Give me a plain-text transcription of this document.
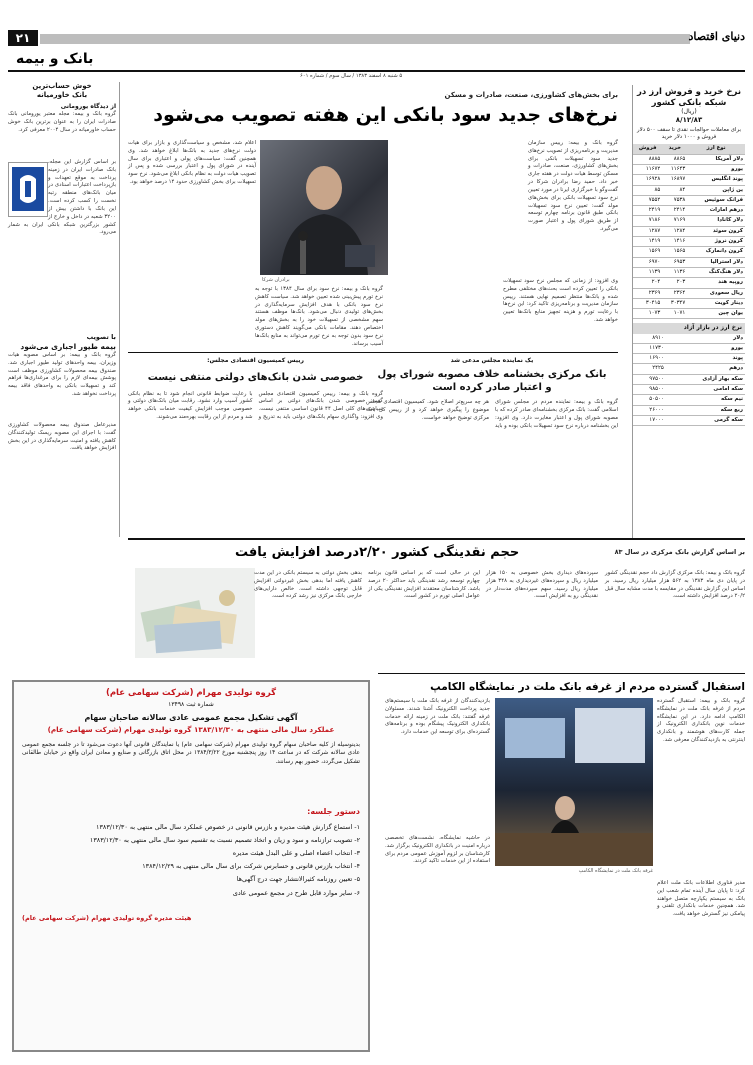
۲۱	دنیای اقتصاد
بانک و بیمه
۵ شنبه ۸ اسفند ۱۳۸۳ / سال سوم / شماره ۶۰۱
نرخ خرید و فروش ارز در شبکه بانکی کشور
(ریال)
۸/۱۲/۸۳
برای معاملات حوالجات نقدی تا سقف ۵۰۰ دلار فروش و ۱۰۰۰ دلار خرید
نوع ارز	خرید	فروش
دلار آمریکا	۸۸۶۵	۸۸۸۵
یورو	۱۱۶۴۳	۱۱۶۷۲
پوند انگلیس	۱۶۸۹۷	۱۶۹۲۸
ین ژاپن	۸۴	۸۵
فرانک سوئیس	۷۵۳۸	۷۵۵۲
درهم امارات	۲۴۱۴	۲۴۱۹
دلار کانادا	۷۱۶۹	۷۱۸۶
کرون سوئد	۱۲۸۴	۱۲۸۷
کرون نروژ	۱۴۱۶	۱۴۱۹
کرون دانمارک	۱۵۶۵	۱۵۶۹
دلار استرالیا	۶۹۵۳	۶۹۷۰
دلار هنگ‌کنگ	۱۱۳۶	۱۱۳۹
روپیه هند	۲۰۳	۲۰۴
ریال سعودی	۲۳۶۴	۲۳۶۹
دینار کویت	۳۰۳۴۷	۳۰۴۱۵
یوان چین	۱۰۷۱	۱۰۷۳
نرخ ارز در بازار آزاد
دلار	۸۹۱۰
یورو	۱۱۷۳۰
پوند	۱۶۹۰۰
درهم	۲۴۲۵
سکه بهار آزادی	۹۷۵۰۰
سکه امامی	۹۸۵۰۰
نیم سکه	۵۰۵۰۰
ربع سکه	۲۶۰۰۰
سکه گرمی	۱۷۰۰۰
برای بخش‌های کشاورزی، صنعت، صادرات و مسکن
نرخ‌های جدید سود بانکی این هفته تصویب می‌شود
گروه بانک و بیمه: رییس سازمان مدیریت و برنامه‌ریزی از تصویب نرخ‌های جدید سود تسهیلات بانکی برای بخش‌های کشاورزی، صنعت، صادرات و مسکن توسط هیات دولت در هفته جاری خبر داد. حمید رضا برادران شرکا در گفت‌وگو با خبرگزاری ایرنا در مورد تعیین نرخ سود تسهیلات بانکی برای بخش‌های مولد گفت: تعیین نرخ سود تسهیلات بانکی طبق قانون برنامه چهارم توسعه از طریق شورای پول و اعتبار صورت می‌گیرد.
برادران شرکا	وی افزود: از زمانی که مجلس نرخ سود تسهیلات بانکی را تعیین کرده است بحث‌های مختلفی مطرح شده و بانک‌ها منتظر تصمیم نهایی هستند. رییس سازمان مدیریت و برنامه‌ریزی تاکید کرد: این نرخ‌ها با رعایت تورم و هزینه تجهیز منابع بانک‌ها تعیین خواهد شد.
اعلام شد، مشخص و سیاست‌گذاری و بازار برای هیات دولت نرخ‌های جدید به بانک‌ها ابلاغ خواهد شد. وی همچنین گفت: سیاست‌های پولی و اعتباری برای سال آینده در شورای پول و اعتبار بررسی شده و پس از تصویب هیات دولت به نظام بانکی ابلاغ می‌شود. نرخ سود تسهیلات برای بخش کشاورزی حدود ۱۴ درصد خواهد بود.
گروه بانک و بیمه: نرخ سود برای سال ۱۳۸۴ با توجه به نرخ تورم پیش‌بینی شده تعیین خواهد شد. سیاست کاهش نرخ سود بانکی با هدف افزایش سرمایه‌گذاری در بخش‌های تولیدی دنبال می‌شود. بانک‌ها موظف هستند سهم مشخصی از تسهیلات خود را به بخش‌های مولد اختصاص دهند. مقامات بانکی می‌گویند کاهش دستوری نرخ سود بدون توجه به نرخ تورم می‌تواند به منابع بانک‌ها آسیب برساند.
خوش حساب‌ترین
بانک خاورمیانه
از دیدگاه یورومانی
گروه بانک و بیمه: مجله معتبر یورومانی بانک صادرات ایران را به عنوان برترین بانک خوش حساب خاورمیانه در سال ۲۰۰۴ معرفی کرد.
بر اساس گزارش این مجله، بانک صادرات ایران در زمینه پرداخت به موقع تعهدات و بازپرداخت اعتبارات اسنادی در میان بانک‌های منطقه رتبه نخست را کسب کرده است. این بانک با داشتن بیش از ۳۲۰۰ شعبه در داخل و خارج از کشور بزرگترین شبکه بانکی ایران به شمار می‌رود.
با تصویب
بیمه طیور اجباری می‌شود
گروه بانک و بیمه: بر اساس مصوبه هیات وزیران، بیمه واحدهای تولید طیور اجباری شد. صندوق بیمه محصولات کشاورزی موظف است پوشش بیمه‌ای لازم را برای مرغداری‌ها فراهم کند و تسهیلات بانکی به واحدهای فاقد بیمه پرداخت نخواهد شد.
مدیرعامل صندوق بیمه محصولات کشاورزی گفت: با اجرای این مصوبه ریسک تولیدکنندگان کاهش یافته و امنیت سرمایه‌گذاری در این بخش افزایش خواهد یافت.
یک نماینده مجلس مدعی شد
بانک مرکزی بخشنامه خلاف مصوبه شورای پول و اعتبار صادر کرده است
گروه بانک و بیمه: نماینده مردم در مجلس شورای اسلامی گفت: بانک مرکزی بخشنامه‌ای صادر کرده که با مصوبه شورای پول و اعتبار مغایرت دارد. وی افزود: این بخشنامه درباره نرخ سود تسهیلات بانکی بوده و باید هر چه سریع‌تر اصلاح شود. کمیسیون اقتصادی مجلس موضوع را پیگیری خواهد کرد و از رییس کل بانک مرکزی توضیح خواهد خواست.
رییس کمیسیون اقتصادی مجلس:
خصوصی شدن بانک‌های دولتی منتفی نیست
گروه بانک و بیمه: رییس کمیسیون اقتصادی مجلس گفت: خصوصی شدن بانک‌های دولتی بر اساس سیاست‌های کلی اصل ۴۴ قانون اساسی منتفی نیست. وی افزود: واگذاری سهام بانک‌های دولتی باید به تدریج و با رعایت ضوابط قانونی انجام شود تا به نظام بانکی کشور آسیب وارد نشود. رقابت میان بانک‌های دولتی و خصوصی موجب افزایش کیفیت خدمات بانکی خواهد شد و مردم از این رقابت بهره‌مند می‌شوند.
بر اساس گزارش بانک مرکزی در سال ۸۳
حجم نقدینگی کشور ۲/۲۰درصد افزایش یافت
گروه بانک و بیمه: بانک مرکزی گزارش داد حجم نقدینگی کشور در پایان دی ماه ۱۳۸۳ به ۵۶۲ هزار میلیارد ریال رسید. بر اساس این گزارش نقدینگی در مقایسه با مدت مشابه سال قبل ۲۰/۲ درصد افزایش داشته است.
سپرده‌های دیداری بخش خصوصی به ۱۵۰ هزار میلیارد ریال و سپرده‌های غیردیداری به ۳۴۸ هزار میلیارد ریال رسید. سهم سپرده‌های مدت‌دار در نقدینگی رو به افزایش است.
این در حالی است که بر اساس قانون برنامه چهارم توسعه رشد نقدینگی باید حداکثر ۲۰ درصد باشد. کارشناسان معتقدند افزایش نقدینگی یکی از عوامل اصلی تورم در کشور است.
بدهی بخش دولتی به سیستم بانکی در این مدت کاهش یافته اما بدهی بخش غیردولتی افزایش قابل توجهی داشته است. خالص دارایی‌های خارجی بانک مرکزی نیز رشد کرده است.
استقبال گسترده مردم از غرفه بانک ملت در نمایشگاه الکامپ
گروه بانک و بیمه: استقبال گسترده مردم از غرفه بانک ملت در نمایشگاه الکامپ ادامه دارد. در این نمایشگاه خدمات نوین بانکداری الکترونیک از جمله کارت‌های هوشمند و بانکداری اینترنتی به بازدیدکنندگان معرفی شد.
غرفه بانک ملت در نمایشگاه الکامپ
بازدیدکنندگان از غرفه بانک ملت با سیستم‌های جدید پرداخت الکترونیک آشنا شدند. مسئولان غرفه گفتند: بانک ملت در زمینه ارائه خدمات بانکداری الکترونیک پیشگام بوده و برنامه‌های گسترده‌ای برای توسعه این خدمات دارد.
مدیر فناوری اطلاعات بانک ملت اعلام کرد: تا پایان سال آینده تمام شعب این بانک به سیستم یکپارچه متصل خواهند شد. همچنین خدمات بانکداری تلفنی و پیامکی نیز گسترش خواهد یافت.
در حاشیه نمایشگاه، نشست‌های تخصصی درباره امنیت در بانکداری الکترونیک برگزار شد. کارشناسان بر لزوم آموزش عمومی مردم برای استفاده از این خدمات تاکید کردند.
گروه تولیدی مهرام (شرکت سهامی عام)
شماره ثبت ۱۳۴۹۸
آگهی تشکیل مجمع عمومی عادی سالانه صاحبان سهام
عملکرد سال مالی منتهی به ۱۳۸۳/۱۲/۳۰ گروه تولیدی مهرام (شرکت سهامی عام)
بدینوسیله از کلیه صاحبان سهام گروه تولیدی مهرام (شرکت سهامی عام) یا نمایندگان قانونی آنها دعوت می‌شود تا در جلسه مجمع عمومی عادی سالانه شرکت که در ساعت ۱۴ روز پنجشنبه مورخ ۱۳۸۴/۳/۲۲ در محل اتاق بازرگانی و صنایع و معادن ایران واقع در خیابان طالقانی تشکیل می‌گردد، حضور بهم رسانند.
دستور جلسه:
۱- استماع گزارش هیئت مدیره و بازرس قانونی در خصوص عملکرد سال مالی منتهی به ۱۳۸۳/۱۲/۳۰
۲- تصویب ترازنامه و سود و زیان و اتخاذ تصمیم نسبت به تقسیم سود سال مالی منتهی به ۱۳۸۳/۱۲/۳۰
۳- انتخاب اعضاء اصلی و علی البدل هیئت مدیره
۴- انتخاب بازرس قانونی و حسابرس شرکت برای سال مالی منتهی به ۱۳۸۴/۱۲/۲۹
۵- تعیین روزنامه کثیرالانتشار جهت درج آگهی‌ها
۶- سایر موارد قابل طرح در مجمع عمومی عادی
هیئت مدیره گروه تولیدی مهرام (شرکت سهامی عام)
